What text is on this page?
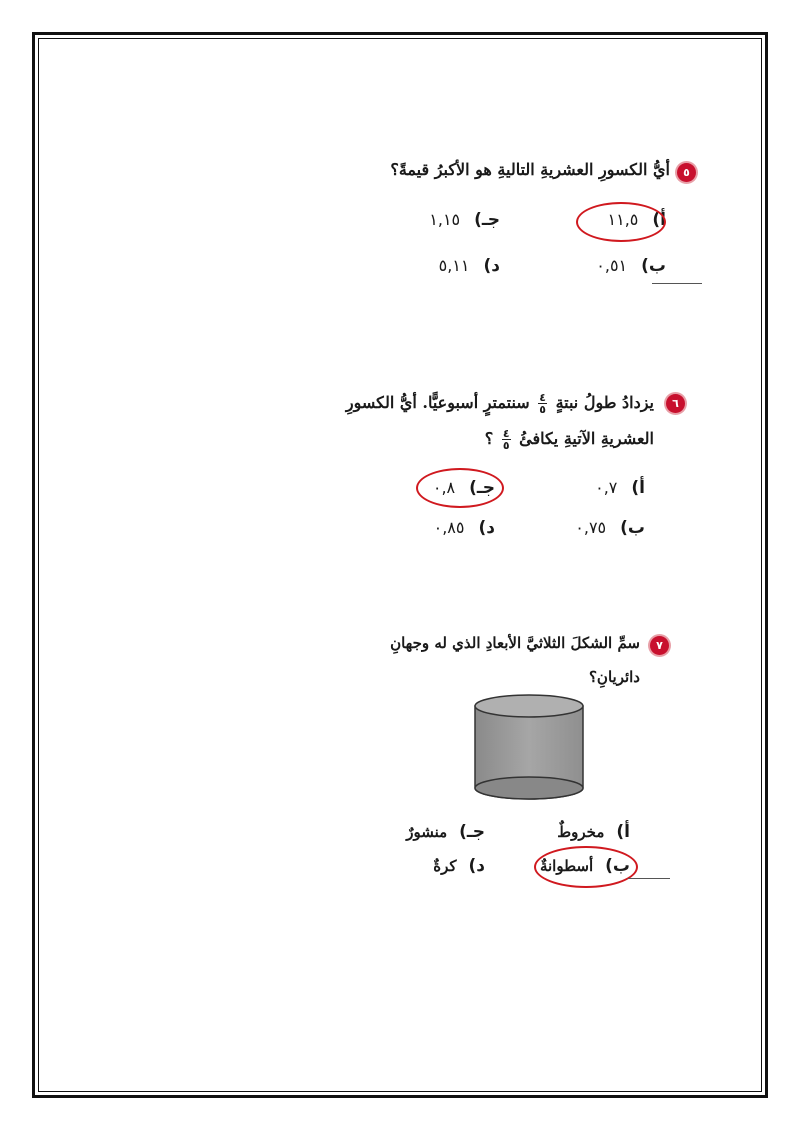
٥
أيُّ الكسورِ العشريةِ التاليةِ هو الأكبرُ قيمةً؟
أ)١١,٥
جـ)١,١٥
ب)٠,٥١
د)٥,١١
٦
يزدادُ طولُ نبتةٍ
$\frac{٤}{٥}$
سنتمترٍ أسبوعيًّا. أيُّ الكسورِ
العشريةِ الآتيةِ يكافئُ
$\frac{٤}{٥}$
؟
أ)٠,٧
جـ)٠,٨
ب)٠,٧٥
د)٠,٨٥
٧
سمِّ الشكلَ الثلاثيَّ الأبعادِ الذي له وجهانِ
دائريانِ؟
أ)مخروطٌ
جـ)منشورٌ
ب)أسطوانةٌ
د)كرةٌ
